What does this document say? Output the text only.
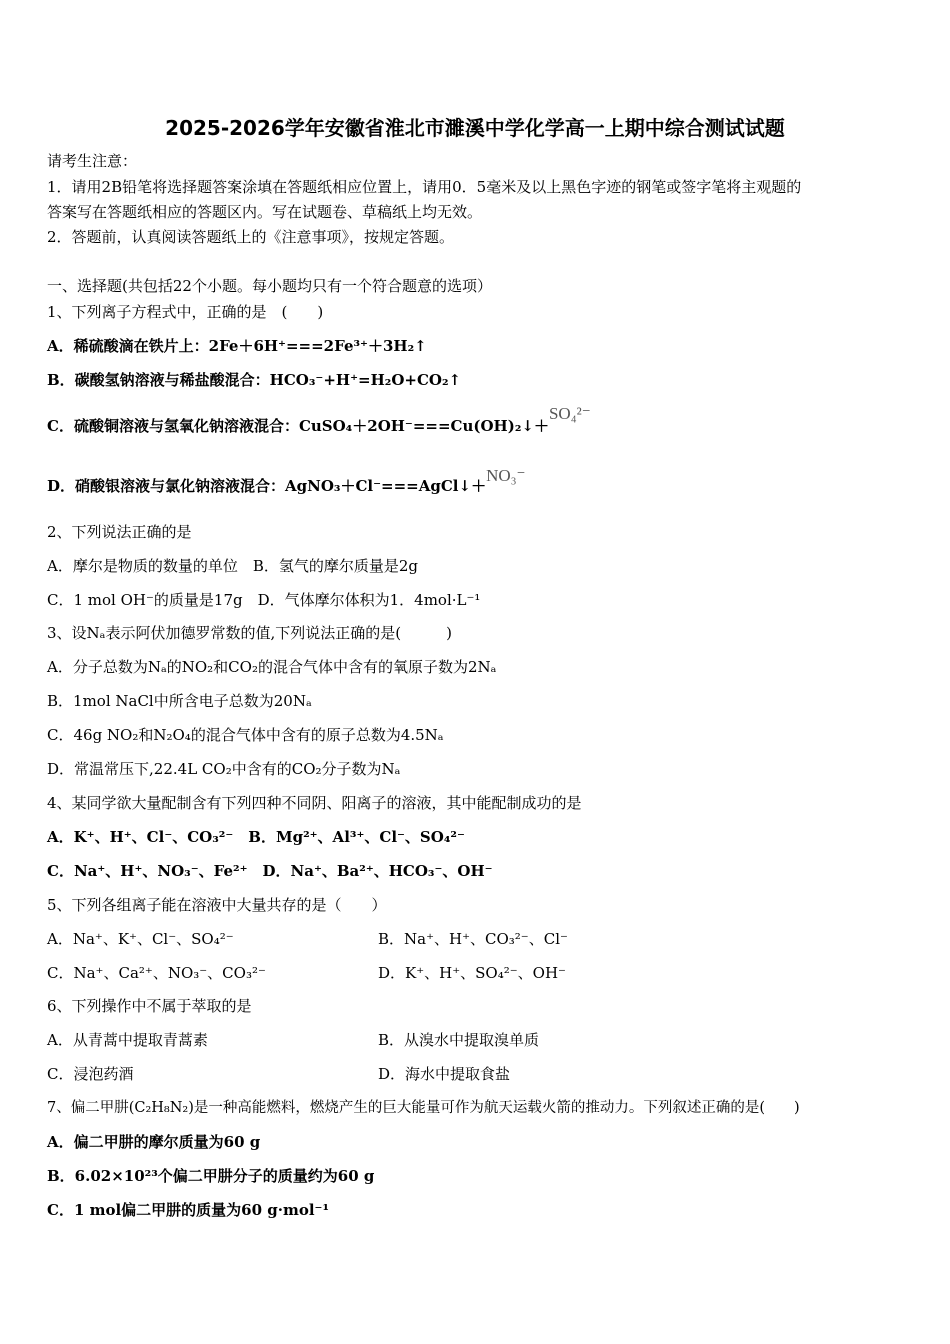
2025-2026学年安徽省淮北市濉溪中学化学高一上期中综合测试试题
请考生注意：
1．请用2B铅笔将选择题答案涂填在答题纸相应位置上，请用0．5毫米及以上黑色字迹的钢笔或签字笔将主观题的
答案写在答题纸相应的答题区内。写在试题卷、草稿纸上均无效。
2．答题前，认真阅读答题纸上的《注意事项》，按规定答题。
一、选择题(共包括22个小题。每小题均只有一个符合题意的选项）
1、下列离子方程式中，正确的是　(　　)
A．稀硫酸滴在铁片上：2Fe＋6H⁺===2Fe³⁺＋3H₂↑
B．碳酸氢钠溶液与稀盐酸混合：HCO₃⁻+H⁺=H₂O+CO₂↑
C．硫酸铜溶液与氢氧化钠溶液混合：CuSO₄＋2OH⁻===Cu(OH)₂↓＋SO₄²⁻
D．硝酸银溶液与氯化钠溶液混合：AgNO₃＋Cl⁻===AgCl↓＋NO₃⁻
2、下列说法正确的是
A．摩尔是物质的数量的单位　B．氢气的摩尔质量是2g
C．1 mol OH⁻的质量是17g　D．气体摩尔体积为1．4mol·L⁻¹
3、设Nₐ表示阿伏加德罗常数的值,下列说法正确的是(　　　)
A．分子总数为Nₐ的NO₂和CO₂的混合气体中含有的氧原子数为2Nₐ
B．1mol NaCl中所含电子总数为20Nₐ
C．46g NO₂和N₂O₄的混合气体中含有的原子总数为4.5Nₐ
D．常温常压下,22.4L CO₂中含有的CO₂分子数为Nₐ
4、某同学欲大量配制含有下列四种不同阴、阳离子的溶液，其中能配制成功的是
A．K⁺、H⁺、Cl⁻、CO₃²⁻　B．Mg²⁺、Al³⁺、Cl⁻、SO₄²⁻
C．Na⁺、H⁺、NO₃⁻、Fe²⁺　D．Na⁺、Ba²⁺、HCO₃⁻、OH⁻
5、下列各组离子能在溶液中大量共存的是（　　）
A．Na⁺、K⁺、Cl⁻、SO₄²⁻	B．Na⁺、H⁺、CO₃²⁻、Cl⁻
C．Na⁺、Ca²⁺、NO₃⁻、CO₃²⁻	D．K⁺、H⁺、SO₄²⁻、OH⁻
6、下列操作中不属于萃取的是
A．从青蒿中提取青蒿素	B．从溴水中提取溴单质
C．浸泡药酒	D．海水中提取食盐
7、偏二甲肼(C₂H₈N₂)是一种高能燃料，燃烧产生的巨大能量可作为航天运载火箭的推动力。下列叙述正确的是(　　)
A．偏二甲肼的摩尔质量为60 g
B．6.02×10²³个偏二甲肼分子的质量约为60 g
C．1 mol偏二甲肼的质量为60 g·mol⁻¹
